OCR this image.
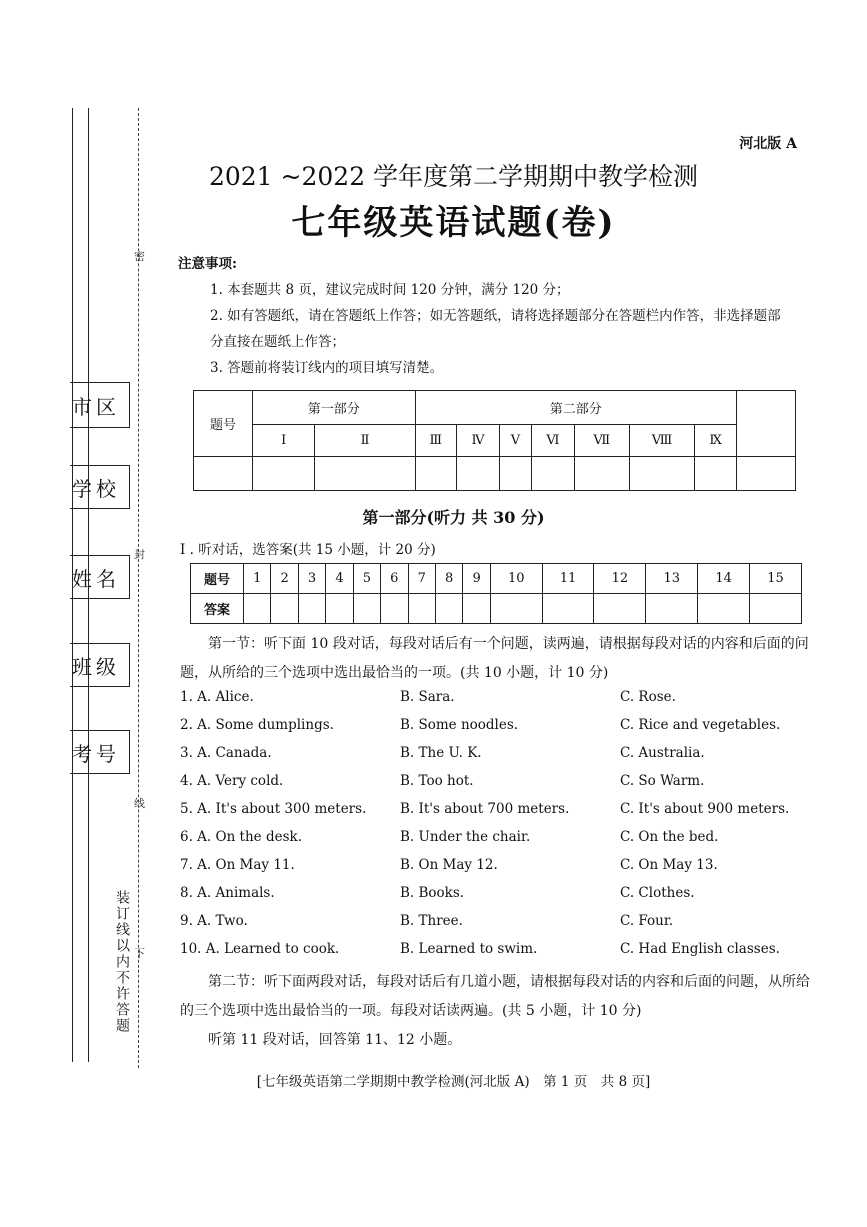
密
封
线
下
市区
学校
姓名
班级
考号
装订线以内不许答题
河北版 A
2021 ~2022 学年度第二学期期中教学检测
七年级英语试题(卷)
注意事项:
1. 本套题共 8 页，建议完成时间 120 分钟，满分 120 分；
2. 如有答题纸，请在答题纸上作答；如无答题纸，请将选择题部分在答题栏内作答，非选择题部
分直接在题纸上作答；
3. 答题前将装订线内的项目填写清楚。
题号	第一部分		第二部分							
	I	Ⅱ	Ⅲ	Ⅳ	V	Ⅵ	Ⅶ	Ⅷ	Ⅸ	

第一部分(听力 共 30 分)
I . 听对话，选答案(共 15 小题，计 20 分)
题号	1	2	3	4	5	6	7	8	9	10	11	12	13	14	15
答案															
第一节：听下面 10 段对话，每段对话后有一个问题，读两遍，请根据每段对话的内容和后面的问题，从所给的三个选项中选出最恰当的一项。(共 10 小题，计 10 分)
1. A. Alice.	B. Sara.	C. Rose.
2. A. Some dumplings.	B. Some noodles.	C. Rice and vegetables.
3. A. Canada.	B. The U. K.	C. Australia.
4. A. Very cold.	B. Too hot.	C. So Warm.
5. A. It's about 300 meters. B. It's about 700 meters.	C. It's about 900 meters.
6. A. On the desk.	B. Under the chair.	C. On the bed.
7. A. On May 11.	B. On May 12.	C. On May 13.
8. A. Animals.	B. Books.	C. Clothes.
9. A. Two.	B. Three.	C. Four.
10. A. Learned to cook.	B. Learned to swim.	C. Had English classes.
第二节：听下面两段对话，每段对话后有几道小题，请根据每段对话的内容和后面的问题，从所给的三个选项中选出最恰当的一项。每段对话读两遍。(共 5 小题，计 10 分)
听第 11 段对话，回答第 11、12 小题。
[七年级英语第二学期期中教学检测(河北版 A)　第 1 页　共 8 页]
